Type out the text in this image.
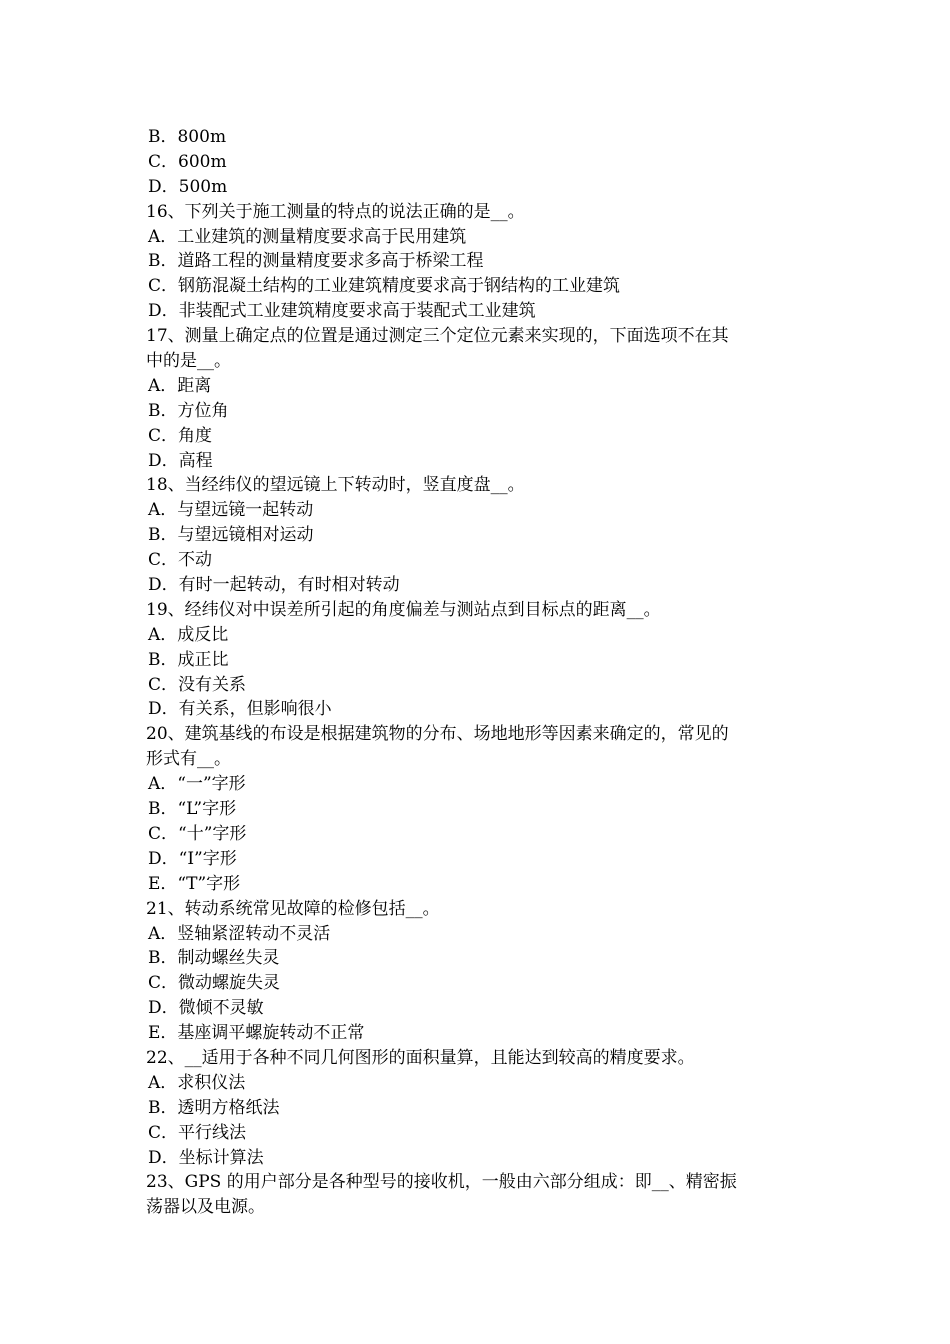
B．800m
C．600m
D．500m
16、下列关于施工测量的特点的说法正确的是__。
A．工业建筑的测量精度要求高于民用建筑
B．道路工程的测量精度要求多高于桥梁工程
C．钢筋混凝土结构的工业建筑精度要求高于钢结构的工业建筑
D．非装配式工业建筑精度要求高于装配式工业建筑
17、测量上确定点的位置是通过测定三个定位元素来实现的，下面选项不在其
中的是__。
A．距离
B．方位角
C．角度
D．高程
18、当经纬仪的望远镜上下转动时，竖直度盘__。
A．与望远镜一起转动
B．与望远镜相对运动
C．不动
D．有时一起转动，有时相对转动
19、经纬仪对中误差所引起的角度偏差与测站点到目标点的距离__。
A．成反比
B．成正比
C．没有关系
D．有关系，但影响很小
20、建筑基线的布设是根据建筑物的分布、场地地形等因素来确定的，常见的
形式有__。
A．“一”字形
B．“L”字形
C．“十”字形
D．“I”字形
E．“T”字形
21、转动系统常见故障的检修包括__。
A．竖轴紧涩转动不灵活
B．制动螺丝失灵
C．微动螺旋失灵
D．微倾不灵敏
E．基座调平螺旋转动不正常
22、__适用于各种不同几何图形的面积量算，且能达到较高的精度要求。
A．求积仪法
B．透明方格纸法
C．平行线法
D．坐标计算法
23、GPS 的用户部分是各种型号的接收机，一般由六部分组成：即__、精密振
荡器以及电源。
